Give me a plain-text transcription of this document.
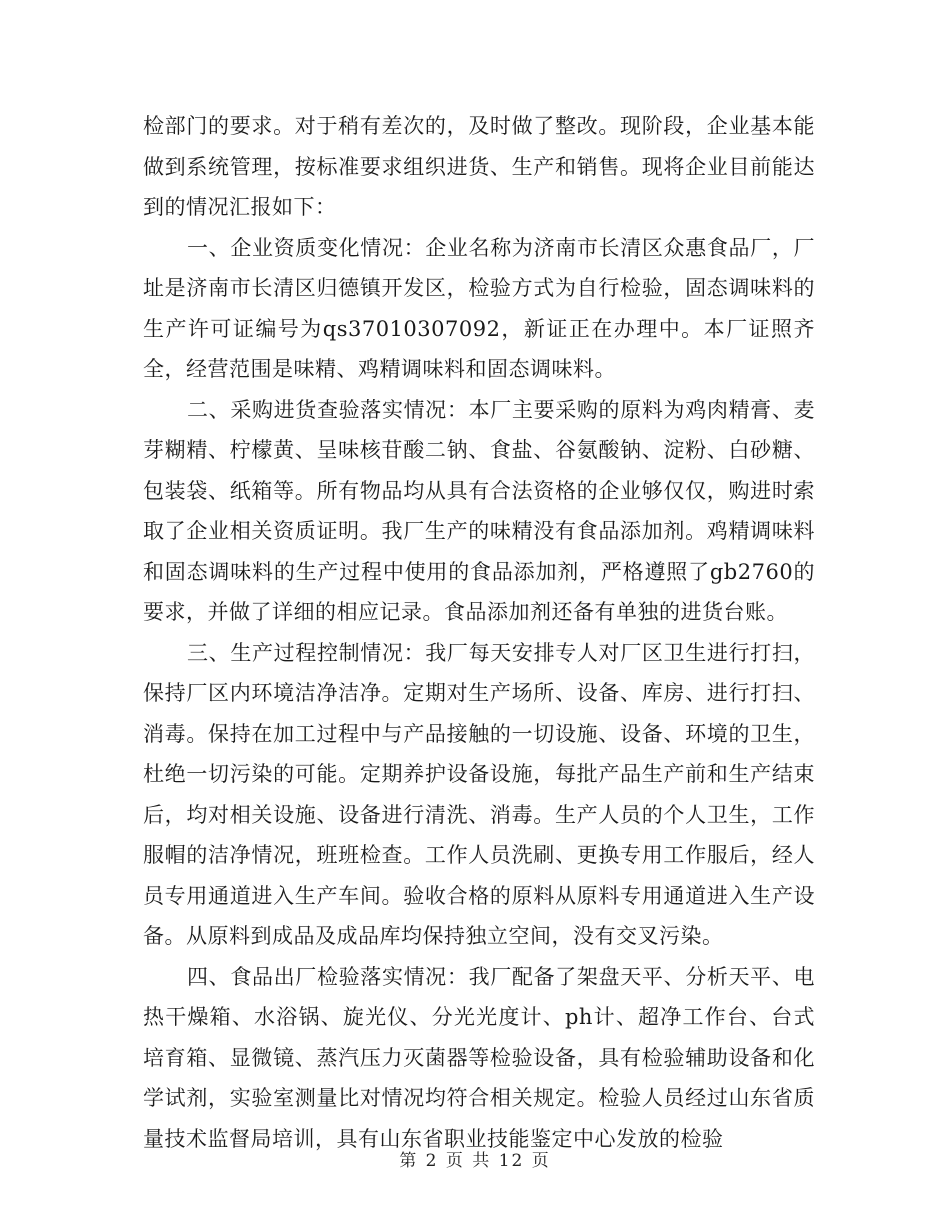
检部门的要求。对于稍有差次的，及时做了整改。现阶段，企业基本能做到系统管理，按标准要求组织进货、生产和销售。现将企业目前能达到的情况汇报如下：

一、企业资质变化情况：企业名称为济南市长清区众惠食品厂，厂址是济南市长清区归德镇开发区，检验方式为自行检验，固态调味料的生产许可证编号为qs37010307092，新证正在办理中。本厂证照齐全，经营范围是味精、鸡精调味料和固态调味料。

二、采购进货查验落实情况：本厂主要采购的原料为鸡肉精膏、麦芽糊精、柠檬黄、呈味核苷酸二钠、食盐、谷氨酸钠、淀粉、白砂糖、包装袋、纸箱等。所有物品均从具有合法资格的企业够仅仅，购进时索取了企业相关资质证明。我厂生产的味精没有食品添加剂。鸡精调味料和固态调味料的生产过程中使用的食品添加剂，严格遵照了gb2760的要求，并做了详细的相应记录。食品添加剂还备有单独的进货台账。

三、生产过程控制情况：我厂每天安排专人对厂区卫生进行打扫，保持厂区内环境洁净洁净。定期对生产场所、设备、库房、进行打扫、消毒。保持在加工过程中与产品接触的一切设施、设备、环境的卫生，杜绝一切污染的可能。定期养护设备设施，每批产品生产前和生产结束后，均对相关设施、设备进行清洗、消毒。生产人员的个人卫生，工作服帽的洁净情况，班班检查。工作人员洗刷、更换专用工作服后，经人员专用通道进入生产车间。验收合格的原料从原料专用通道进入生产设备。从原料到成品及成品库均保持独立空间，没有交叉污染。

四、食品出厂检验落实情况：我厂配备了架盘天平、分析天平、电热干燥箱、水浴锅、旋光仪、分光光度计、ph计、超净工作台、台式培育箱、显微镜、蒸汽压力灭菌器等检验设备，具有检验辅助设备和化学试剂，实验室测量比对情况均符合相关规定。检验人员经过山东省质量技术监督局培训，具有山东省职业技能鉴定中心发放的检验

第 2 页 共 12 页
